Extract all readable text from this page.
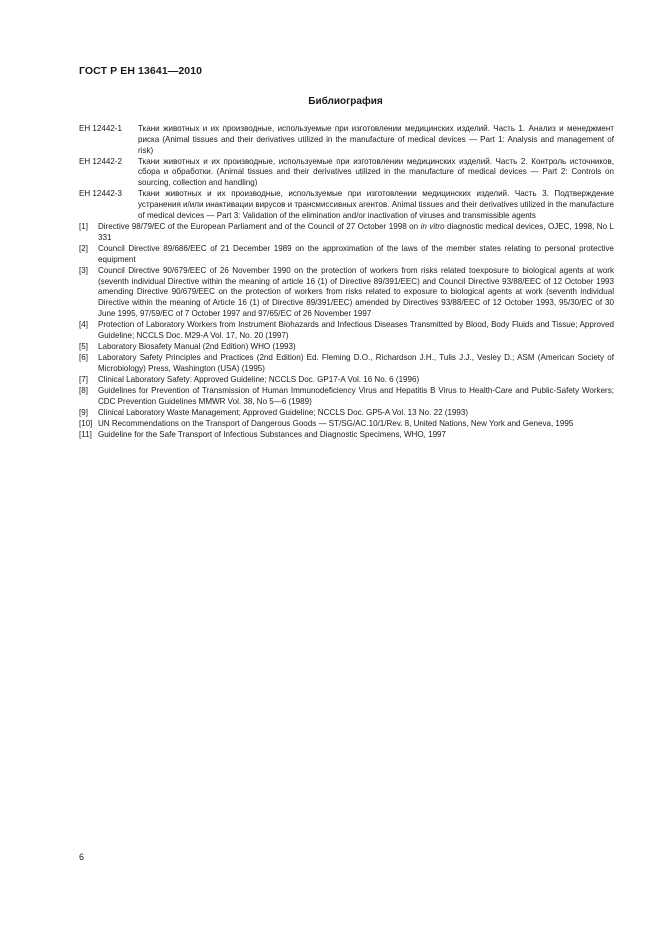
ГОСТ Р ЕН 13641—2010
Библиография
ЕН 12442-1	Ткани животных и их производные, используемые при изготовлении медицинских изделий. Часть 1. Анализ и менеджмент риска (Animal tissues and their derivatives utilized in the manufacture of medical devices — Part 1: Analysis and management of risk)
ЕН 12442-2	Ткани животных и их производные, используемые при изготовлении медицинских изделий. Часть 2. Контроль источников, сбора и обработки. (Animal tissues and their derivatives utilized in the manufacture of medical devices — Part 2: Controls on sourcing, collection and handling)
ЕН 12442-3	Ткани животных и их производные, используемые при изготовлении медицинских изделий. Часть 3. Подтверждение устранения и/или инактивации вирусов и трансмиссивных агентов. Animal tissues and their derivatives utilized in the manufacture of medical devices — Part 3: Validation of the elimination and/or inactivation of viruses and transmissible agents
[1]	Directive 98/79/EC of the European Parliament and of the Council of 27 October 1998 on in vitro diagnostic medical devices, OJEC, 1998, No L 331
[2]	Council Directive 89/686/EEC of 21 December 1989 on the approximation of the laws of the member states relating to personal protective equipment
[3]	Council Directive 90/679/EEC of 26 November 1990 on the protection of workers from risks related toexposure to biological agents at work (seventh individual Directive within the meaning of article 16 (1) of Directive 89/391/EEC) and Council Directive 93/88/EEC of 12 October 1993 amending Directive 90/679/EEC on the protection of workers from risks related to exposure to biological agents at work (seventh individual Directive within the meaning of Article 16 (1) of Directive 89/391/EEC) amended by Directives 93/88/EEC of 12 October 1993, 95/30/EC of 30 June 1995, 97/59/EC of 7 October 1997 and 97/65/EC of 26 November 1997
[4]	Protection of Laboratory Workers from Instrument Biohazards and Infectious Diseases Transmitted by Blood, Body Fluids and Tissue; Approved Guideline; NCCLS Doc. M29-A Vol. 17, No. 20 (1997)
[5]	Laboratory Biosafety Manual (2nd Edition) WHO (1993)
[6]	Laboratory Safety Principles and Practices (2nd Edition) Ed. Fleming D.O., Richardson J.H., Tulis J.J., Vesley D.; ASM (American Society of Microbiology) Press, Washington (USA) (1995)
[7]	Clinical Laboratory Safety: Approved Guideline; NCCLS Doc. GP17-A Vol. 16 No. 6 (1996)
[8]	Guidelines for Prevention of Transmission of Human Immunodeficiency Virus and Hepatitis B Virus to Health-Care and Public-Safety Workers; CDC Prevention Guidelines MMWR Vol. 38, No 5—6 (1989)
[9]	Clinical Laboratory Waste Management; Approved Guideline; NCCLS Doc. GP5-A Vol. 13 No. 22 (1993)
[10] UN Recommendations on the Transport of Dangerous Goods — ST/SG/AC.10/1/Rev. 8, United Nations, New York and Geneva, 1995
[11] Guideline for the Safe Transport of Infectious Substances and Diagnostic Specimens, WHO, 1997
6
